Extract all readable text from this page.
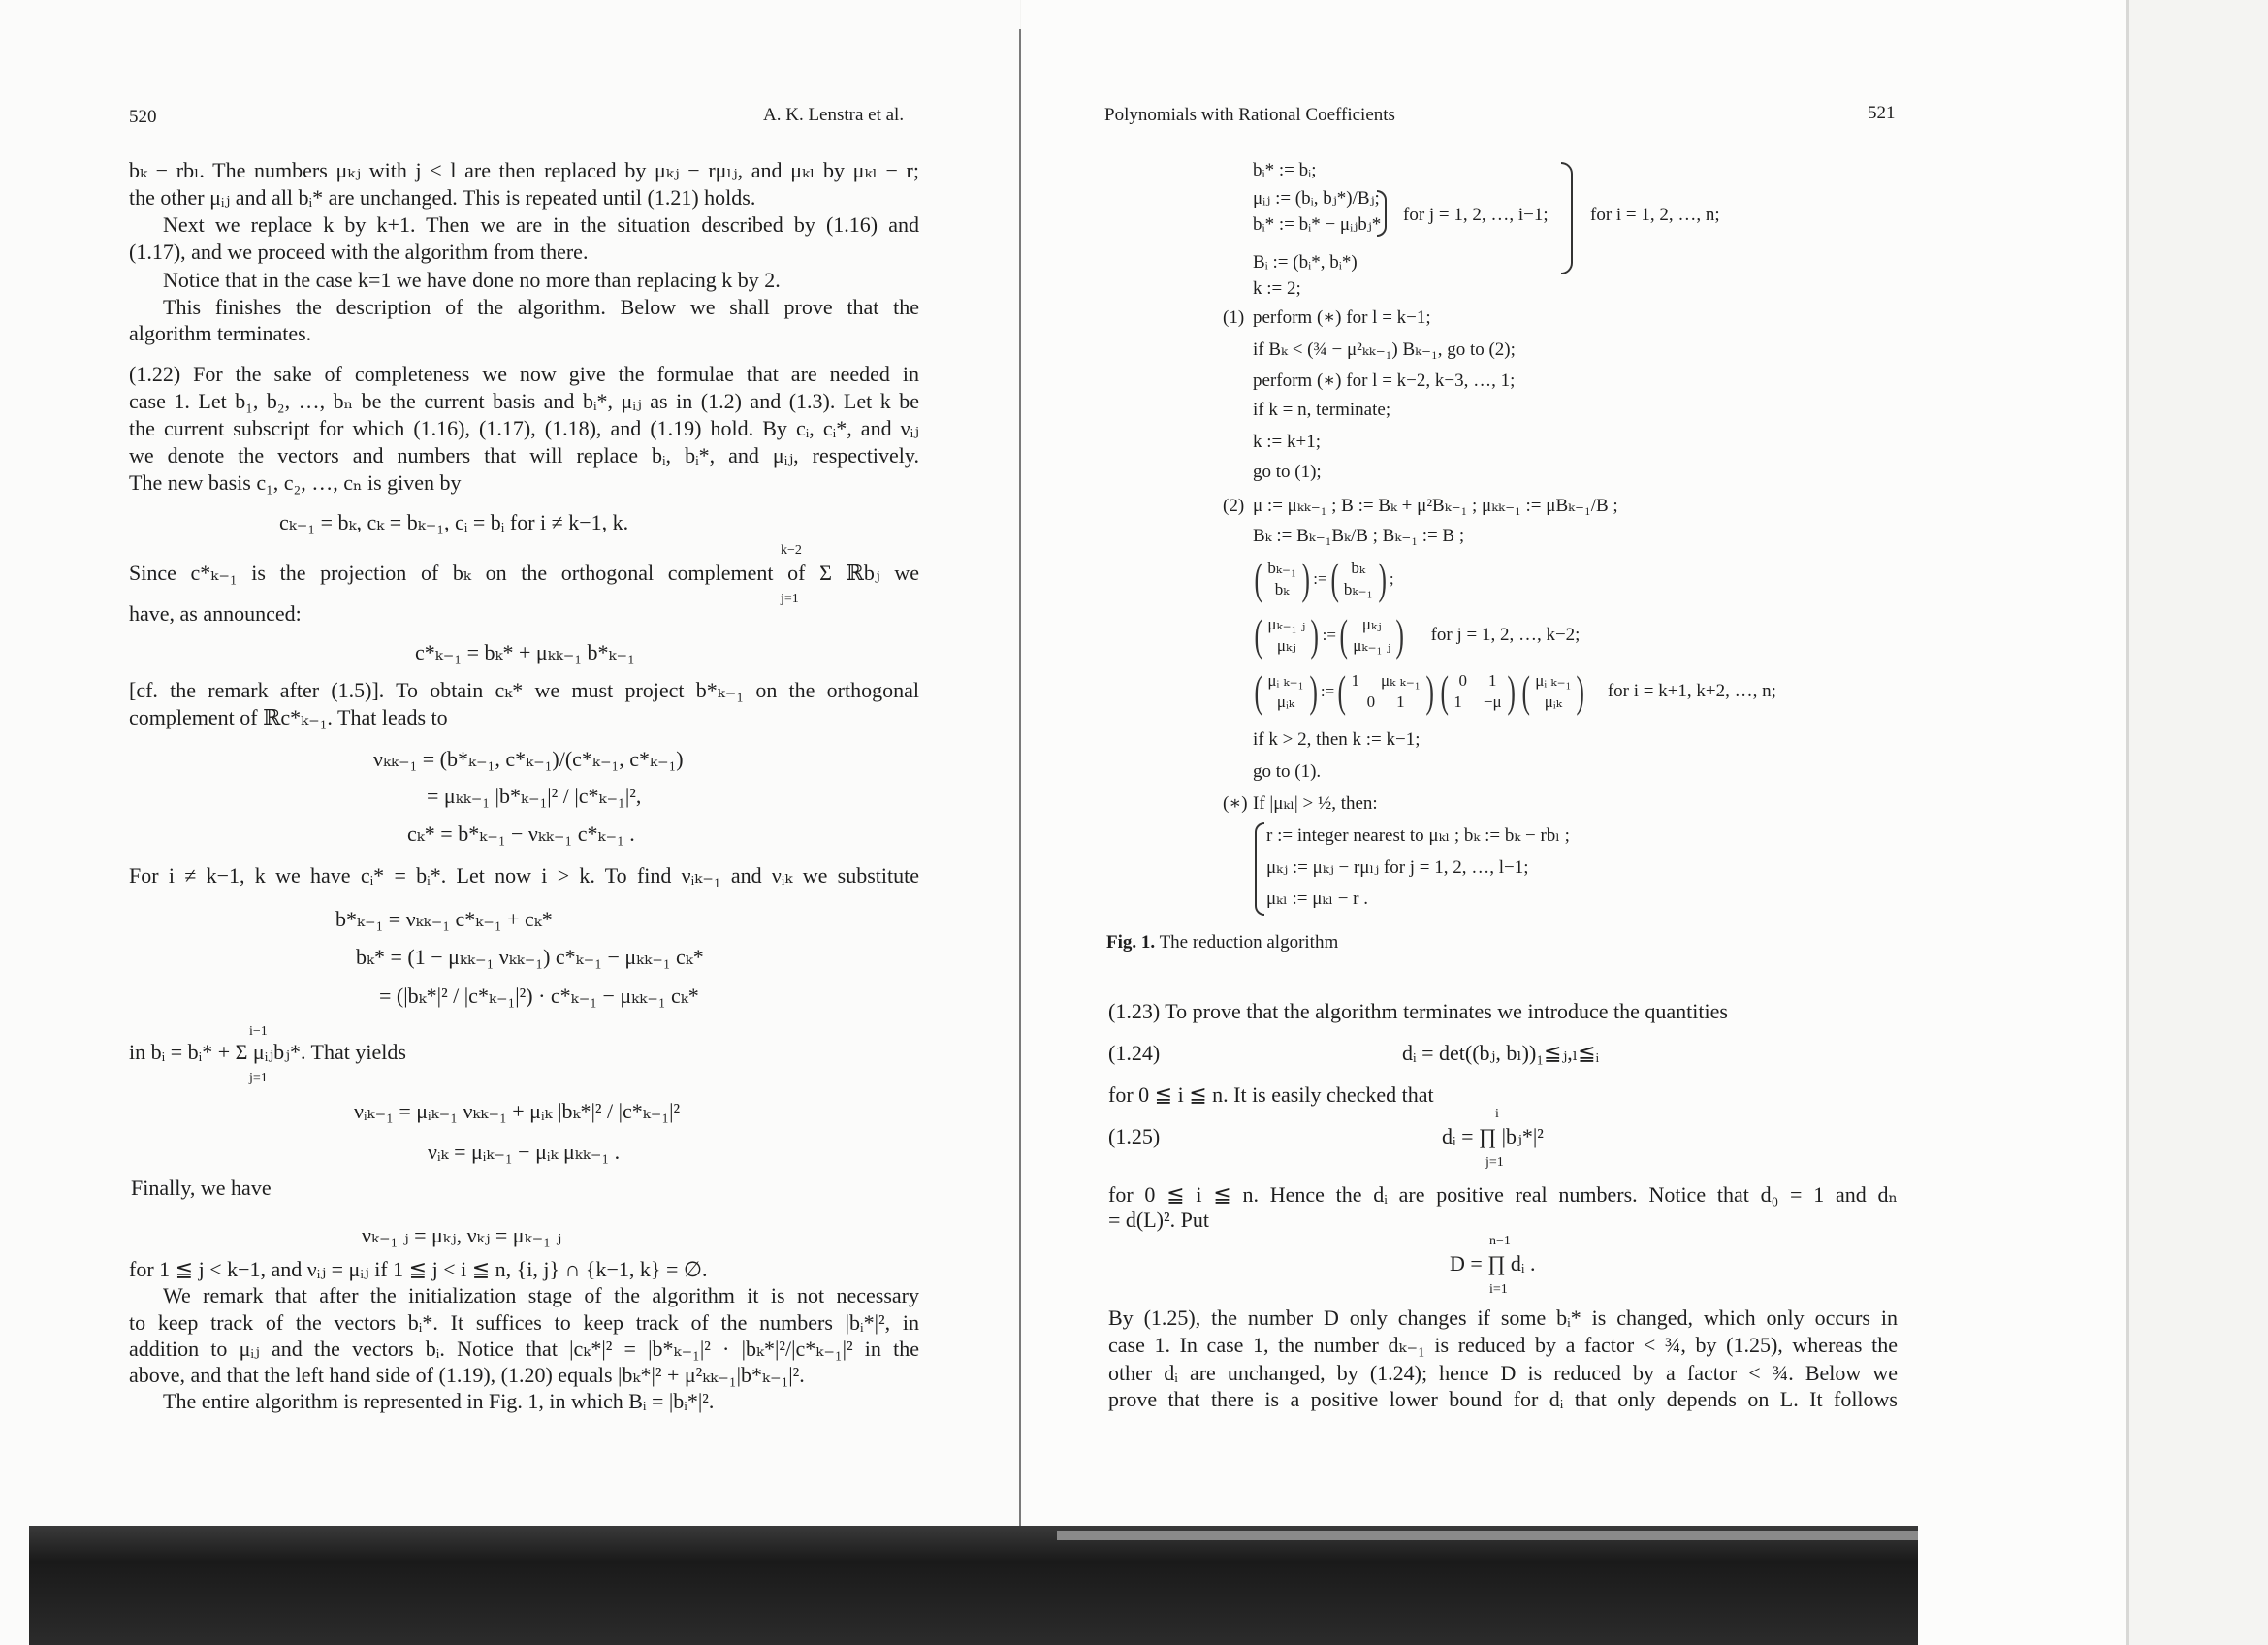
520	A. K. Lenstra et al.
bₖ − rbₗ. The numbers μₖⱼ with j < l are then replaced by μₖⱼ − rμₗⱼ, and μₖₗ by μₖₗ − r;
the other μᵢⱼ and all bᵢ* are unchanged. This is repeated until (1.21) holds.
Next we replace k by k+1. Then we are in the situation described by (1.16) and
(1.17), and we proceed with the algorithm from there.
Notice that in the case k=1 we have done no more than replacing k by 2.
This finishes the description of the algorithm. Below we shall prove that the
algorithm terminates.
(1.22) For the sake of completeness we now give the formulae that are needed in
case 1. Let b₁, b₂, …, bₙ be the current basis and bᵢ*, μᵢⱼ as in (1.2) and (1.3). Let k be
the current subscript for which (1.16), (1.17), (1.18), and (1.19) hold. By cᵢ, cᵢ*, and νᵢⱼ
we denote the vectors and numbers that will replace bᵢ, bᵢ*, and μᵢⱼ, respectively.
The new basis c₁, c₂, …, cₙ is given by
cₖ₋₁ = bₖ, cₖ = bₖ₋₁, cᵢ = bᵢ for i ≠ k−1, k.
Since c*ₖ₋₁ is the projection of bₖ on the orthogonal complement of Σ ℝbⱼ we
k−2
j=1
have, as announced:
c*ₖ₋₁ = bₖ* + μₖₖ₋₁ b*ₖ₋₁
[cf. the remark after (1.5)]. To obtain cₖ* we must project b*ₖ₋₁ on the orthogonal
complement of ℝc*ₖ₋₁. That leads to
νₖₖ₋₁ = (b*ₖ₋₁, c*ₖ₋₁)/(c*ₖ₋₁, c*ₖ₋₁)
= μₖₖ₋₁ |b*ₖ₋₁|² / |c*ₖ₋₁|²,
cₖ* = b*ₖ₋₁ − νₖₖ₋₁ c*ₖ₋₁ .
For i ≠ k−1, k we have cᵢ* = bᵢ*. Let now i > k. To find νᵢₖ₋₁ and νᵢₖ we substitute
b*ₖ₋₁ = νₖₖ₋₁ c*ₖ₋₁ + cₖ*
bₖ* = (1 − μₖₖ₋₁ νₖₖ₋₁) c*ₖ₋₁ − μₖₖ₋₁ cₖ*
= (|bₖ*|² / |c*ₖ₋₁|²) · c*ₖ₋₁ − μₖₖ₋₁ cₖ*
in bᵢ = bᵢ* + Σ μᵢⱼbⱼ*. That yields
i−1
j=1
νᵢₖ₋₁ = μᵢₖ₋₁ νₖₖ₋₁ + μᵢₖ |bₖ*|² / |c*ₖ₋₁|²
νᵢₖ = μᵢₖ₋₁ − μᵢₖ μₖₖ₋₁ .
Finally, we have
νₖ₋₁ ⱼ = μₖⱼ, νₖⱼ = μₖ₋₁ ⱼ
for 1 ≦ j < k−1, and νᵢⱼ = μᵢⱼ if 1 ≦ j < i ≦ n, {i, j} ∩ {k−1, k} = ∅.
We remark that after the initialization stage of the algorithm it is not necessary
to keep track of the vectors bᵢ*. It suffices to keep track of the numbers |bᵢ*|², in
addition to μᵢⱼ and the vectors bᵢ. Notice that |cₖ*|² = |b*ₖ₋₁|² · |bₖ*|²/|c*ₖ₋₁|² in the
above, and that the left hand side of (1.19), (1.20) equals |bₖ*|² + μ²ₖₖ₋₁|b*ₖ₋₁|².
The entire algorithm is represented in Fig. 1, in which Bᵢ = |bᵢ*|².
Polynomials with Rational Coefficients	521
bᵢ* := bᵢ;
μᵢⱼ := (bᵢ, bⱼ*)/Bⱼ;
bᵢ* := bᵢ* − μᵢⱼbⱼ* for j = 1, 2, …, i−1; for i = 1, 2, …, n;
Bᵢ := (bᵢ*, bᵢ*)
k := 2;
(1) perform (∗) for l = k−1;
if Bₖ < (¾ − μ²ₖₖ₋₁) Bₖ₋₁, go to (2);
perform (∗) for l = k−2, k−3, …, 1;
if k = n, terminate;
k := k+1;
go to (1);
(2) μ := μₖₖ₋₁ ; B := Bₖ + μ²Bₖ₋₁ ; μₖₖ₋₁ := μBₖ₋₁/B ;
Bₖ := Bₖ₋₁Bₖ/B ; Bₖ₋₁ := B ;
( bₖ₋₁
bₖ ) := ( bₖ
bₖ₋₁ ) ;
( μₖ₋₁ ⱼ
μₖⱼ ) := ( μₖⱼ
μₖ₋₁ ⱼ ) for j = 1, 2, …, k−2;
( μᵢ ₖ₋₁
μᵢₖ ) := ( 1 μₖ ₖ₋₁
0 1 ) ( 0 1
1 −μ ) ( μᵢ ₖ₋₁
μᵢₖ ) for i = k+1, k+2, …, n;
if k > 2, then k := k−1;
go to (1).
(∗) If |μₖₗ| > ½, then:
r := integer nearest to μₖₗ ; bₖ := bₖ − rbₗ ;
μₖⱼ := μₖⱼ − rμₗⱼ for j = 1, 2, …, l−1;
μₖₗ := μₖₗ − r .
Fig. 1. The reduction algorithm
(1.23) To prove that the algorithm terminates we introduce the quantities
(1.24)	dᵢ = det((bⱼ, bₗ))₁≦ⱼ,ₗ≦ᵢ
for 0 ≦ i ≦ n. It is easily checked that
(1.25)	dᵢ = ∏ |bⱼ*|²
i
j=1
for 0 ≦ i ≦ n. Hence the dᵢ are positive real numbers. Notice that d₀ = 1 and dₙ
= d(L)². Put
D = ∏ dᵢ .
n−1
i=1
By (1.25), the number D only changes if some bᵢ* is changed, which only occurs in
case 1. In case 1, the number dₖ₋₁ is reduced by a factor < ¾, by (1.25), whereas the
other dᵢ are unchanged, by (1.24); hence D is reduced by a factor < ¾. Below we
prove that there is a positive lower bound for dᵢ that only depends on L. It follows
